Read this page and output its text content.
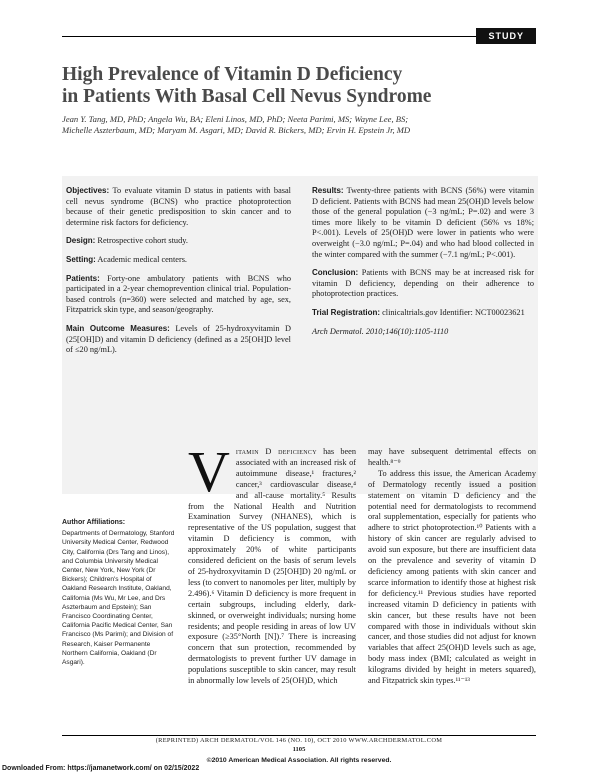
STUDY
High Prevalence of Vitamin D Deficiency
in Patients With Basal Cell Nevus Syndrome
Jean Y. Tang, MD, PhD; Angela Wu, BA; Eleni Linos, MD, PhD; Neeta Parimi, MS; Wayne Lee, BS;
Michelle Aszterbaum, MD; Maryam M. Asgari, MD; David R. Bickers, MD; Ervin H. Epstein Jr, MD

Objectives: To evaluate vitamin D status in patients with basal cell nevus syndrome (BCNS) who practice photoprotection because of their genetic predisposition to skin cancer and to determine risk factors for deficiency.

Design: Retrospective cohort study.

Setting: Academic medical centers.

Patients: Forty-one ambulatory patients with BCNS who participated in a 2-year chemoprevention clinical trial. Population-based controls (n=360) were selected and matched by age, sex, Fitzpatrick skin type, and season/geography.

Main Outcome Measures: Levels of 25-hydroxyvitamin D (25[OH]D) and vitamin D deficiency (defined as a 25[OH]D level of ≤20 ng/mL).

Results: Twenty-three patients with BCNS (56%) were vitamin D deficient. Patients with BCNS had mean 25(OH)D levels below those of the general population (−3 ng/mL; P=.02) and were 3 times more likely to be vitamin D deficient (56% vs 18%; P<.001). Levels of 25(OH)D were lower in patients who were overweight (−3.0 ng/mL; P=.04) and who had blood collected in the winter compared with the summer (−7.1 ng/mL; P<.001).

Conclusion: Patients with BCNS may be at increased risk for vitamin D deficiency, depending on their adherence to photoprotection practices.

Trial Registration: clinicaltrials.gov Identifier: NCT00023621

Arch Dermatol. 2010;146(10):1105-1110

Author Affiliations:
Departments of Dermatology, Stanford University Medical Center, Redwood City, California (Drs Tang and Linos), and Columbia University Medical Center, New York, New York (Dr Bickers); Children's Hospital of Oakland Research Institute, Oakland, California (Ms Wu, Mr Lee, and Drs Aszterbaum and Epstein); San Francisco Coordinating Center, California Pacific Medical Center, San Francisco (Ms Parimi); and Division of Research, Kaiser Permanente Northern California, Oakland (Dr Asgari).
V itamin D deficiency has been associated with an increased risk of autoimmune disease,¹ fractures,² cancer,³ cardiovascular disease,⁴ and all-cause mortality.⁵ Results from the National Health and Nutrition Examination Survey (NHANES), which is representative of the US population, suggest that vitamin D deficiency is common, with approximately 20% of white participants considered deficient on the basis of serum levels of 25-hydroxyvitamin D (25[OH]D) 20 ng/mL or less (to convert to nanomoles per liter, multiply by 2.496).⁶ Vitamin D deficiency is more frequent in certain subgroups, including elderly, dark-skinned, or overweight individuals; nursing home residents; and people residing in areas of low UV exposure (≥35°North [N]).⁷ There is increasing concern that sun protection, recommended by dermatologists to prevent further UV damage in populations susceptible to skin cancer, may result in abnormally low levels of 25(OH)D, which

may have subsequent detrimental effects on health.⁸⁻⁹

To address this issue, the American Academy of Dermatology recently issued a position statement on vitamin D deficiency and the potential need for dermatologists to recommend oral supplementation, especially for patients who adhere to strict photoprotection.¹⁰ Patients with a history of skin cancer are regularly advised to avoid sun exposure, but there are insufficient data on the prevalence and severity of vitamin D deficiency among patients with skin cancer and scarce information to identify those at highest risk for deficiency.¹¹ Previous studies have reported increased vitamin D deficiency in patients with skin cancer, but these results have not been compared with those in individuals without skin cancer, and those studies did not adjust for known variables that affect 25(OH)D levels such as age, body mass index (BMI; calculated as weight in kilograms divided by height in meters squared), and Fitzpatrick skin types.¹¹⁻¹³

(REPRINTED) ARCH DERMATOL/VOL 146 (NO. 10), OCT 2010 WWW.ARCHDERMATOL.COM
1105
©2010 American Medical Association. All rights reserved.
Downloaded From: https://jamanetwork.com/ on 02/15/2022
